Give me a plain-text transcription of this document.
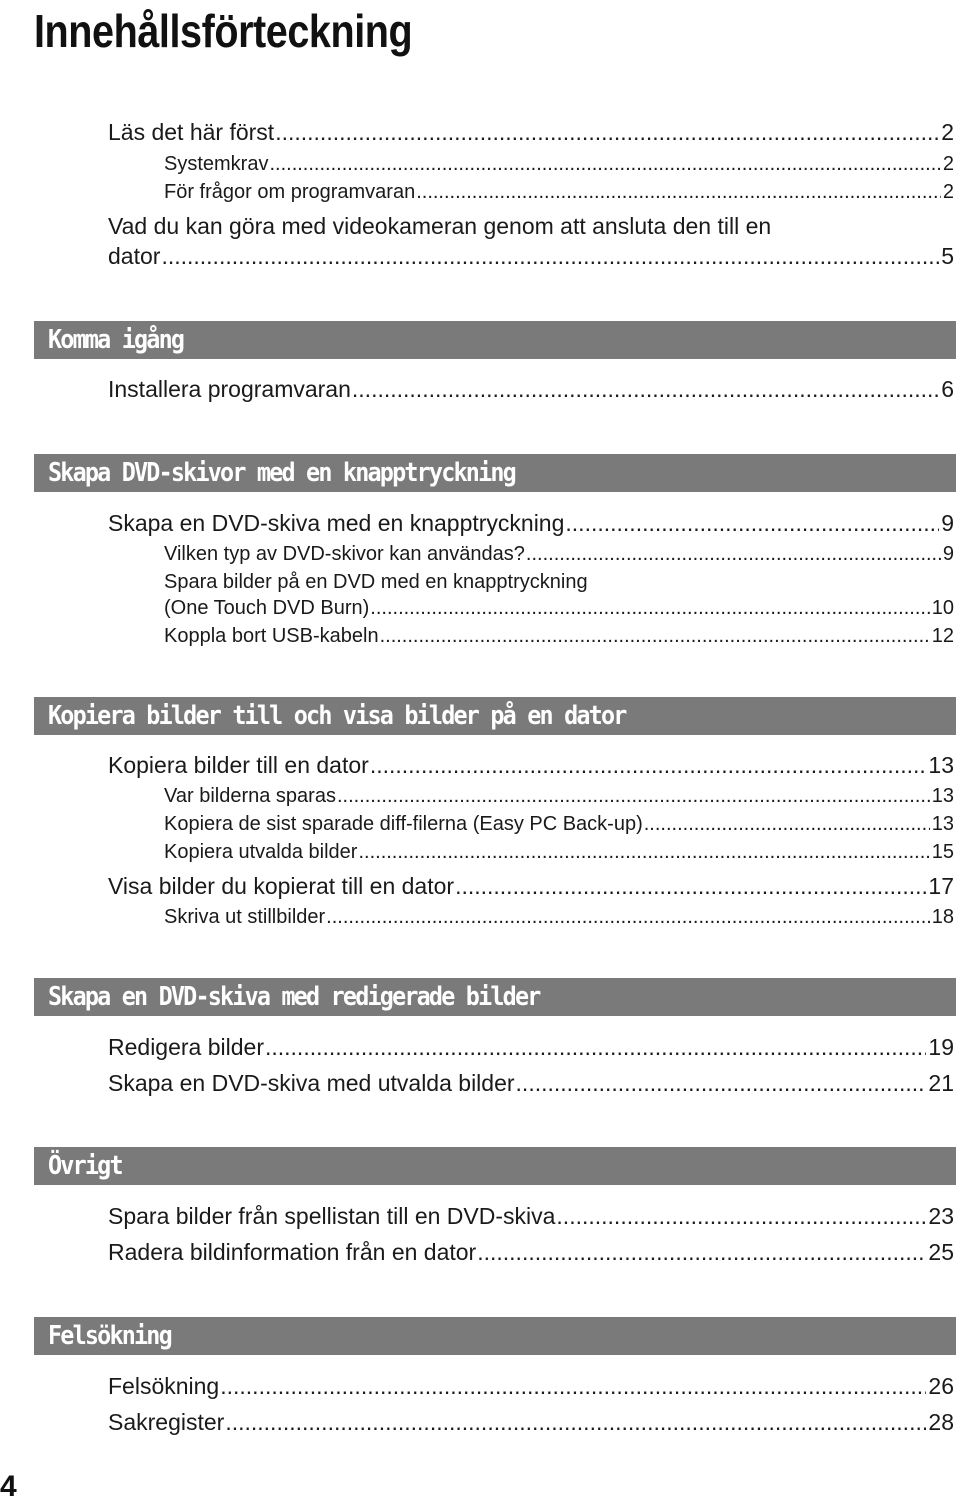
Innehållsförteckning
Läs det här först .....	2
Systemkrav .....	2
För frågor om programvaran .....	2
Vad du kan göra med videokameran genom att ansluta den till en
dator .....	5
Komma igång
Installera programvaran .....	6
Skapa DVD-skivor med en knapptryckning
Skapa en DVD-skiva med en knapptryckning .....	9
Vilken typ av DVD-skivor kan användas? .....	9
Spara bilder på en DVD med en knapptryckning
(One Touch DVD Burn) .....	10
Koppla bort USB-kabeln .....	12
Kopiera bilder till och visa bilder på en dator
Kopiera bilder till en dator .....	13
Var bilderna sparas .....	13
Kopiera de sist sparade diff-filerna (Easy PC Back-up) .....	13
Kopiera utvalda bilder .....	15
Visa bilder du kopierat till en dator .....	17
Skriva ut stillbilder .....	18
Skapa en DVD-skiva med redigerade bilder
Redigera bilder .....	19
Skapa en DVD-skiva med utvalda bilder .....	21
Övrigt
Spara bilder från spellistan till en DVD-skiva .....	23
Radera bildinformation från en dator .....	25
Felsökning
Felsökning .....	26
Sakregister .....	28
4
